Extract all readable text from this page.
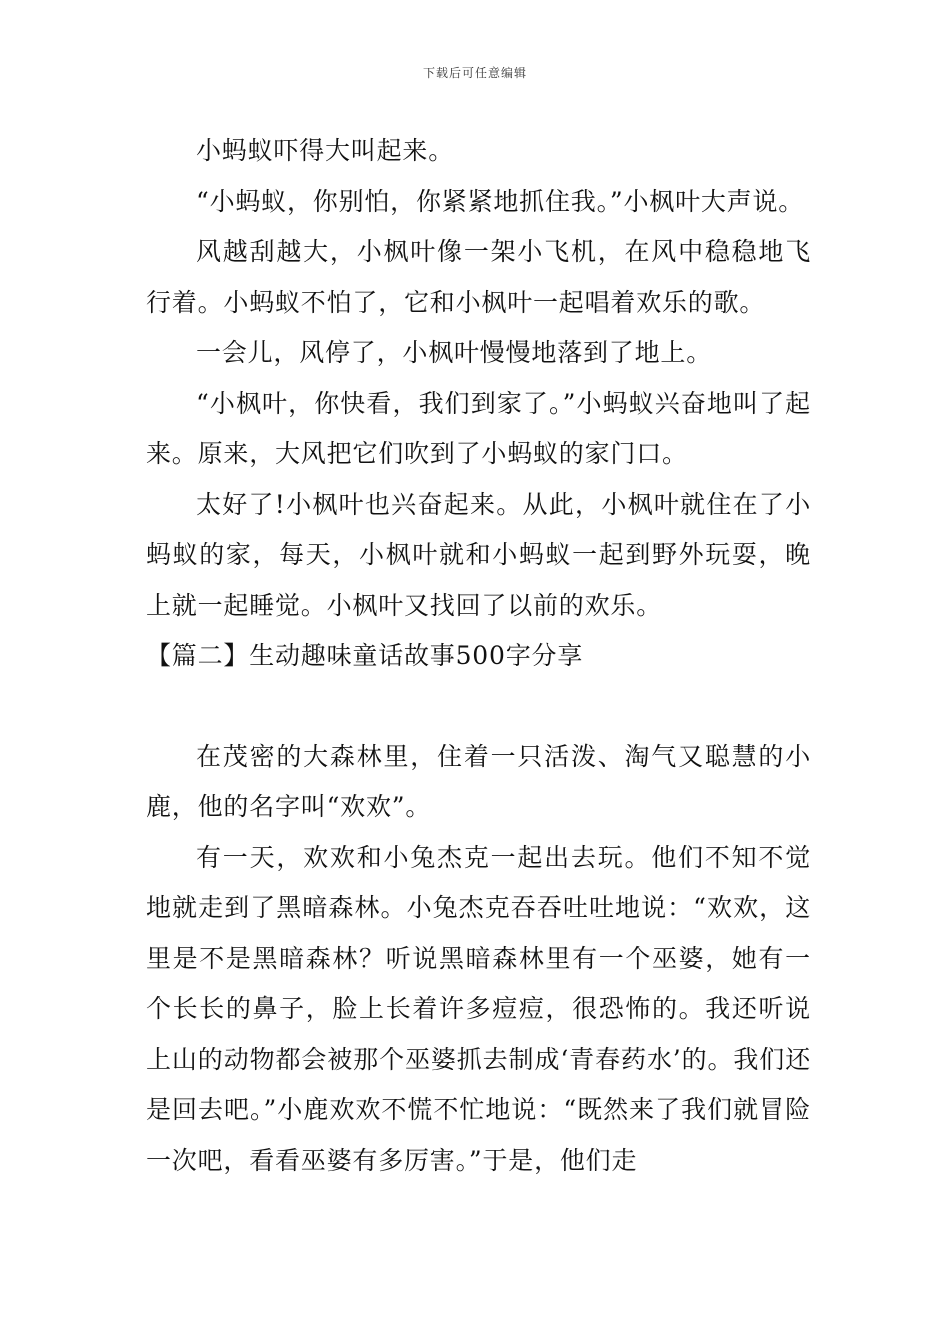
下载后可任意编辑

小蚂蚁吓得大叫起来。

“小蚂蚁，你别怕，你紧紧地抓住我。”小枫叶大声说。

风越刮越大，小枫叶像一架小飞机，在风中稳稳地飞行着。小蚂蚁不怕了，它和小枫叶一起唱着欢乐的歌。

一会儿，风停了，小枫叶慢慢地落到了地上。

“小枫叶，你快看，我们到家了。”小蚂蚁兴奋地叫了起来。原来，大风把它们吹到了小蚂蚁的家门口。

太好了!小枫叶也兴奋起来。从此，小枫叶就住在了小蚂蚁的家，每天，小枫叶就和小蚂蚁一起到野外玩耍，晚上就一起睡觉。小枫叶又找回了以前的欢乐。

【篇二】生动趣味童话故事500字分享

在茂密的大森林里，住着一只活泼、淘气又聪慧的小鹿，他的名字叫“欢欢”。

有一天，欢欢和小兔杰克一起出去玩。他们不知不觉地就走到了黑暗森林。小兔杰克吞吞吐吐地说：“欢欢，这里是不是黑暗森林？听说黑暗森林里有一个巫婆，她有一个长长的鼻子，脸上长着许多痘痘，很恐怖的。我还听说上山的动物都会被那个巫婆抓去制成‘青春药水’的。我们还是回去吧。”小鹿欢欢不慌不忙地说：“既然来了我们就冒险一次吧，看看巫婆有多厉害。”于是，他们走
